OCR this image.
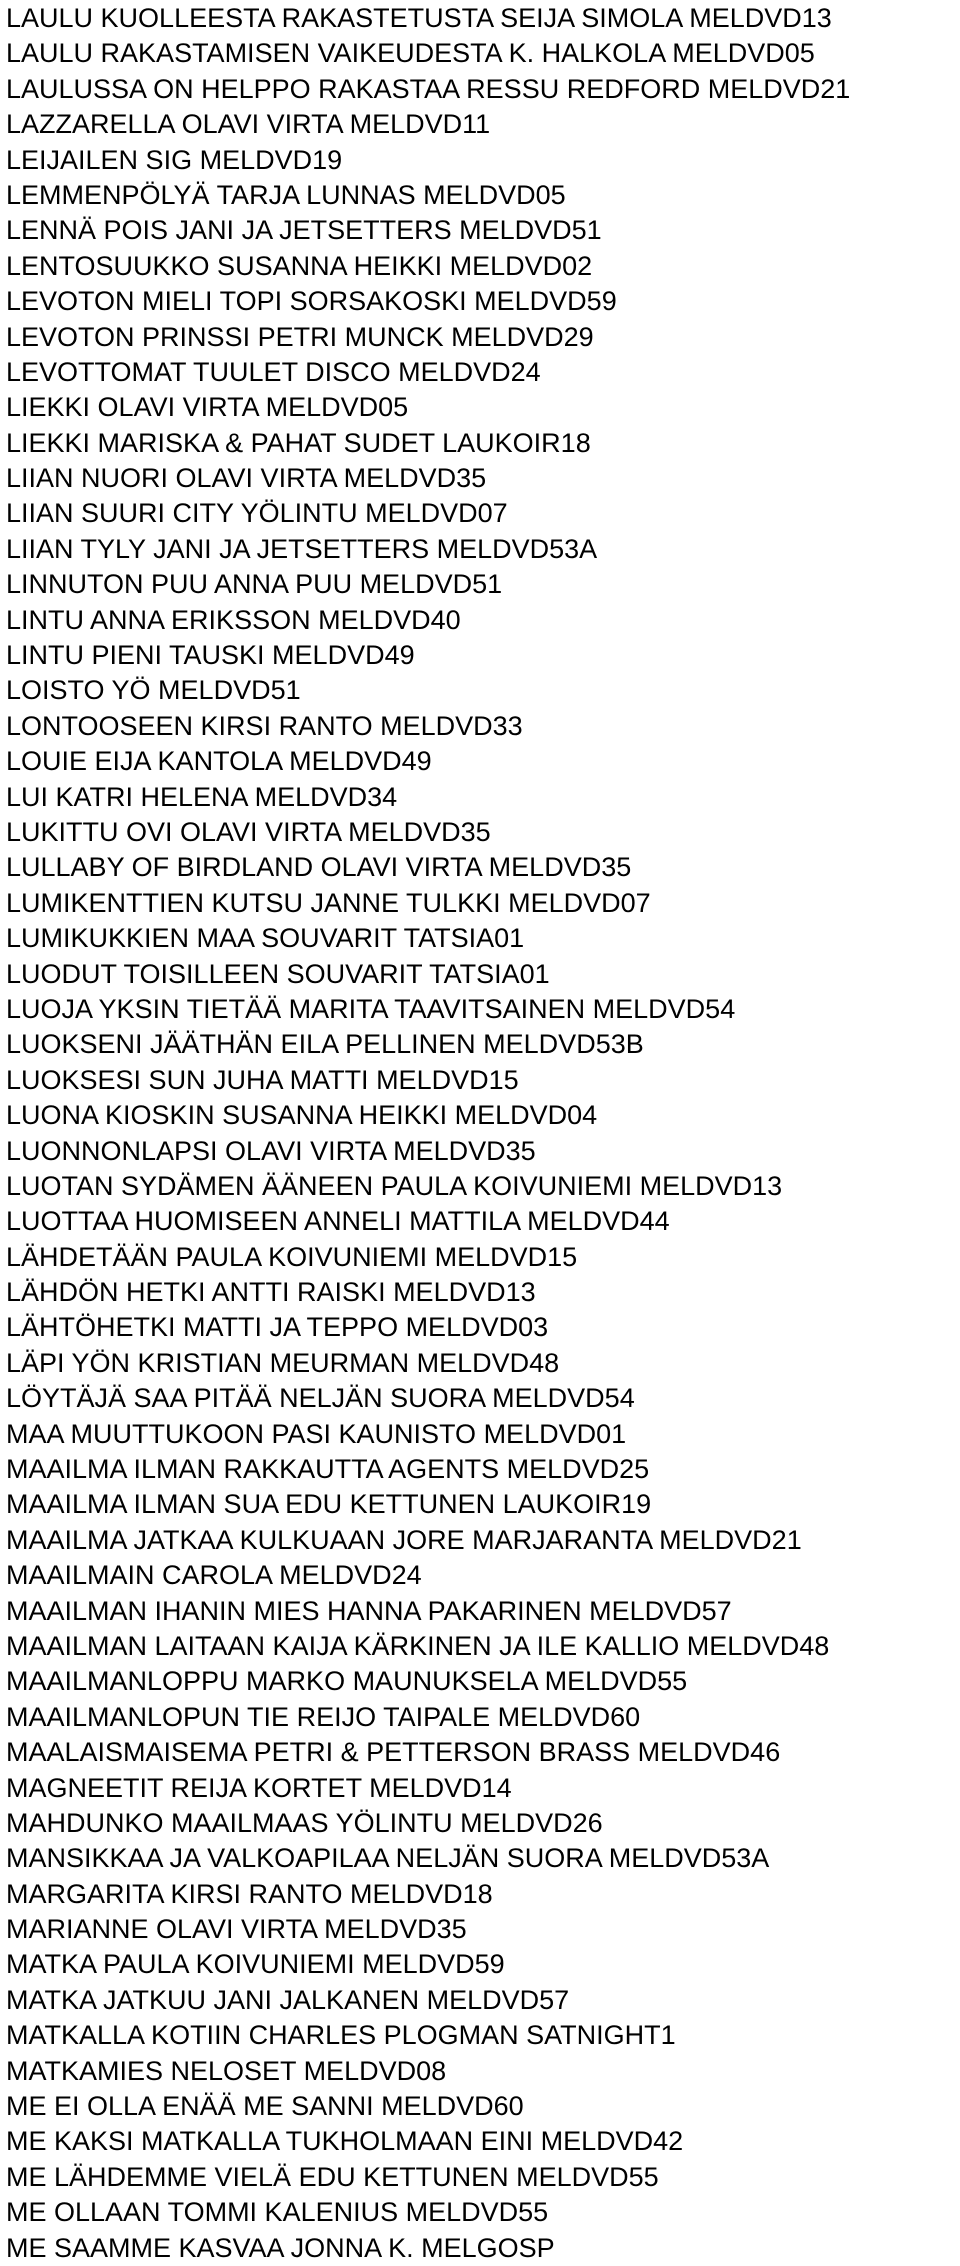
LAULU KUOLLEESTA RAKASTETUSTA SEIJA SIMOLA MELDVD13
LAULU RAKASTAMISEN VAIKEUDESTA K. HALKOLA MELDVD05
LAULUSSA ON HELPPO RAKASTAA RESSU REDFORD MELDVD21
LAZZARELLA OLAVI VIRTA MELDVD11
LEIJAILEN SIG MELDVD19
LEMMENPÖLYÄ TARJA LUNNAS MELDVD05
LENNÄ POIS JANI JA JETSETTERS MELDVD51
LENTOSUUKKO SUSANNA HEIKKI MELDVD02
LEVOTON MIELI TOPI SORSAKOSKI MELDVD59
LEVOTON PRINSSI PETRI MUNCK MELDVD29
LEVOTTOMAT TUULET DISCO MELDVD24
LIEKKI OLAVI VIRTA MELDVD05
LIEKKI MARISKA & PAHAT SUDET LAUKOIR18
LIIAN NUORI OLAVI VIRTA MELDVD35
LIIAN SUURI CITY YÖLINTU MELDVD07
LIIAN TYLY JANI JA JETSETTERS MELDVD53A
LINNUTON PUU ANNA PUU MELDVD51
LINTU ANNA ERIKSSON MELDVD40
LINTU PIENI TAUSKI MELDVD49
LOISTO YÖ MELDVD51
LONTOOSEEN KIRSI RANTO MELDVD33
LOUIE EIJA KANTOLA MELDVD49
LUI KATRI HELENA MELDVD34
LUKITTU OVI OLAVI VIRTA MELDVD35
LULLABY OF BIRDLAND OLAVI VIRTA MELDVD35
LUMIKENTTIEN KUTSU JANNE TULKKI MELDVD07
LUMIKUKKIEN MAA SOUVARIT TATSIA01
LUODUT TOISILLEEN SOUVARIT TATSIA01
LUOJA YKSIN TIETÄÄ MARITA TAAVITSAINEN MELDVD54
LUOKSENI JÄÄTHÄN EILA PELLINEN MELDVD53B
LUOKSESI SUN JUHA MATTI MELDVD15
LUONA KIOSKIN SUSANNA HEIKKI MELDVD04
LUONNONLAPSI OLAVI VIRTA MELDVD35
LUOTAN SYDÄMEN ÄÄNEEN PAULA KOIVUNIEMI MELDVD13
LUOTTAA HUOMISEEN ANNELI MATTILA MELDVD44
LÄHDETÄÄN PAULA KOIVUNIEMI MELDVD15
LÄHDÖN HETKI ANTTI RAISKI MELDVD13
LÄHTÖHETKI MATTI JA TEPPO MELDVD03
LÄPI YÖN KRISTIAN MEURMAN MELDVD48
LÖYTÄJÄ SAA PITÄÄ NELJÄN SUORA MELDVD54
MAA MUUTTUKOON PASI KAUNISTO MELDVD01
MAAILMA ILMAN RAKKAUTTA AGENTS MELDVD25
MAAILMA ILMAN SUA EDU KETTUNEN LAUKOIR19
MAAILMA JATKAA KULKUAAN JORE MARJARANTA MELDVD21
MAAILMAIN CAROLA MELDVD24
MAAILMAN IHANIN MIES HANNA PAKARINEN MELDVD57
MAAILMAN LAITAAN KAIJA KÄRKINEN JA ILE KALLIO MELDVD48
MAAILMANLOPPU MARKO MAUNUKSELA MELDVD55
MAAILMANLOPUN TIE REIJO TAIPALE MELDVD60
MAALAISMAISEMA PETRI & PETTERSON BRASS MELDVD46
MAGNEETIT REIJA KORTET MELDVD14
MAHDUNKO MAAILMAAS YÖLINTU MELDVD26
MANSIKKAA JA VALKOAPILAA NELJÄN SUORA MELDVD53A
MARGARITA KIRSI RANTO MELDVD18
MARIANNE OLAVI VIRTA MELDVD35
MATKA PAULA KOIVUNIEMI MELDVD59
MATKA JATKUU JANI JALKANEN MELDVD57
MATKALLA KOTIIN CHARLES PLOGMAN SATNIGHT1
MATKAMIES NELOSET MELDVD08
ME EI OLLA ENÄÄ ME SANNI MELDVD60
ME KAKSI MATKALLA TUKHOLMAAN EINI MELDVD42
ME LÄHDEMME VIELÄ EDU KETTUNEN MELDVD55
ME OLLAAN TOMMI KALENIUS MELDVD55
ME SAAMME KASVAA JONNA K. MELGOSP
